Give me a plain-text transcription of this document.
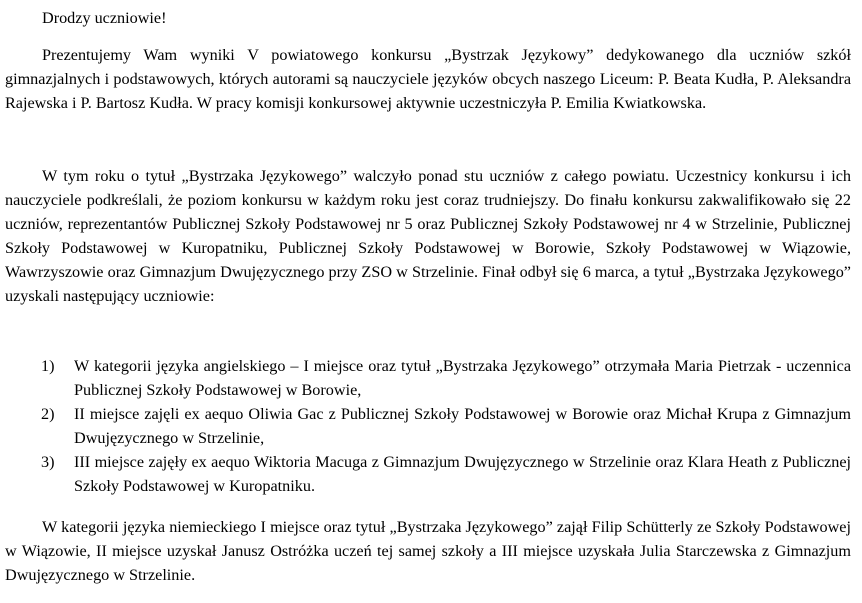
Drodzy uczniowie!

Prezentujemy Wam wyniki V powiatowego konkursu „Bystrzak Językowy” dedykowanego dla uczniów szkół gimnazjalnych i podstawowych, których autorami są nauczyciele języków obcych naszego Liceum: P. Beata Kudła, P. Aleksandra Rajewska i P. Bartosz Kudła. W pracy komisji konkursowej aktywnie uczestniczyła P. Emilia Kwiatkowska.

W tym roku o tytuł „Bystrzaka Językowego” walczyło ponad stu uczniów z całego powiatu. Uczestnicy konkursu i ich nauczyciele podkreślali, że poziom konkursu w każdym roku jest coraz trudniejszy. Do finału konkursu zakwalifikowało się 22 uczniów, reprezentantów Publicznej Szkoły Podstawowej nr 5 oraz Publicznej Szkoły Podstawowej nr 4 w Strzelinie, Publicznej Szkoły Podstawowej w Kuropatniku, Publicznej Szkoły Podstawowej w Borowie, Szkoły Podstawowej w Wiązowie, Wawrzyszowie oraz Gimnazjum Dwujęzycznego przy ZSO w Strzelinie. Finał odbył się 6 marca, a tytuł „Bystrzaka Językowego” uzyskali następujący uczniowie:

1) W kategorii języka angielskiego – I miejsce oraz tytuł „Bystrzaka Językowego” otrzymała Maria Pietrzak - uczennica Publicznej Szkoły Podstawowej w Borowie,
2) II miejsce zajęli ex aequo Oliwia Gac z Publicznej Szkoły Podstawowej w Borowie oraz Michał Krupa z Gimnazjum Dwujęzycznego w Strzelinie,
3) III miejsce zajęły ex aequo Wiktoria Macuga z Gimnazjum Dwujęzycznego w Strzelinie oraz Klara Heath z Publicznej Szkoły Podstawowej w Kuropatniku.

W kategorii języka niemieckiego I miejsce oraz tytuł „Bystrzaka Językowego” zajął Filip Schütterly ze Szkoły Podstawowej w Wiązowie, II miejsce uzyskał Janusz Ostróżka uczeń tej samej szkoły a III miejsce uzyskała Julia Starczewska z Gimnazjum Dwujęzycznego w Strzelinie.
